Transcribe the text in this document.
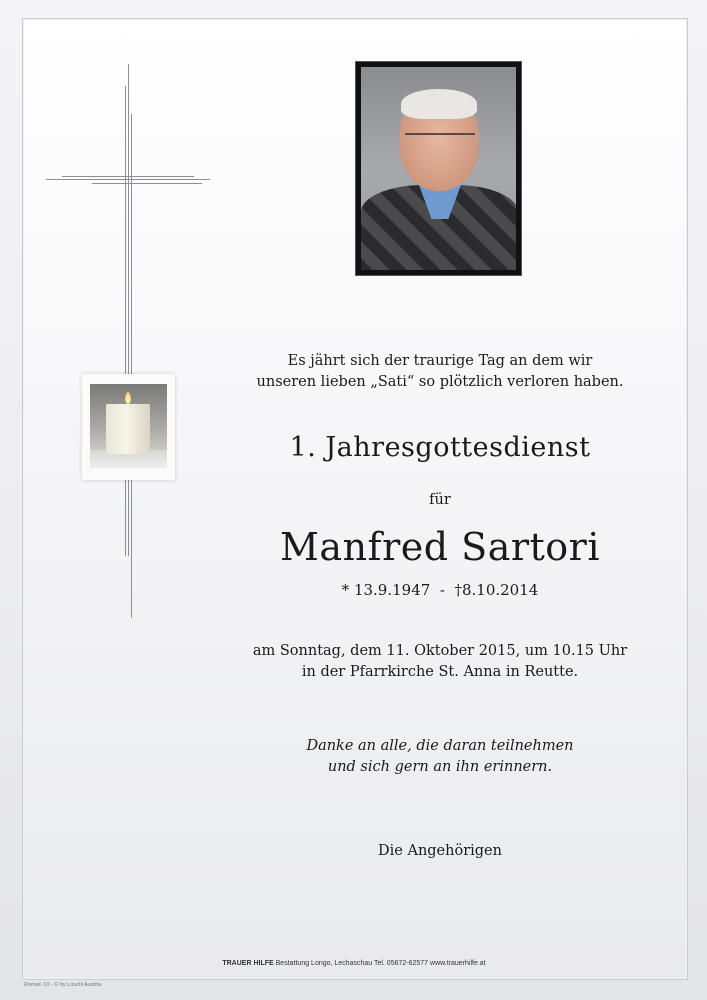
Es jährt sich der traurige Tag an dem wir
unseren lieben „Sati“ so plötzlich verloren haben.
1. Jahresgottesdienst
für
Manfred Sartori
* 13.9.1947 - †8.10.2014
am Sonntag, dem 11. Oktober 2015, um 10.15 Uhr
in der Pfarrkirche St. Anna in Reutte.
Danke an alle, die daran teilnehmen
und sich gern an ihn erinnern.
Die Angehörigen
TRAUER HILFE Bestattung Longo, Lechaschau Tel. 05672-62577 www.trauerhilfe.at
Roman 10 - © by Loschi Austria
